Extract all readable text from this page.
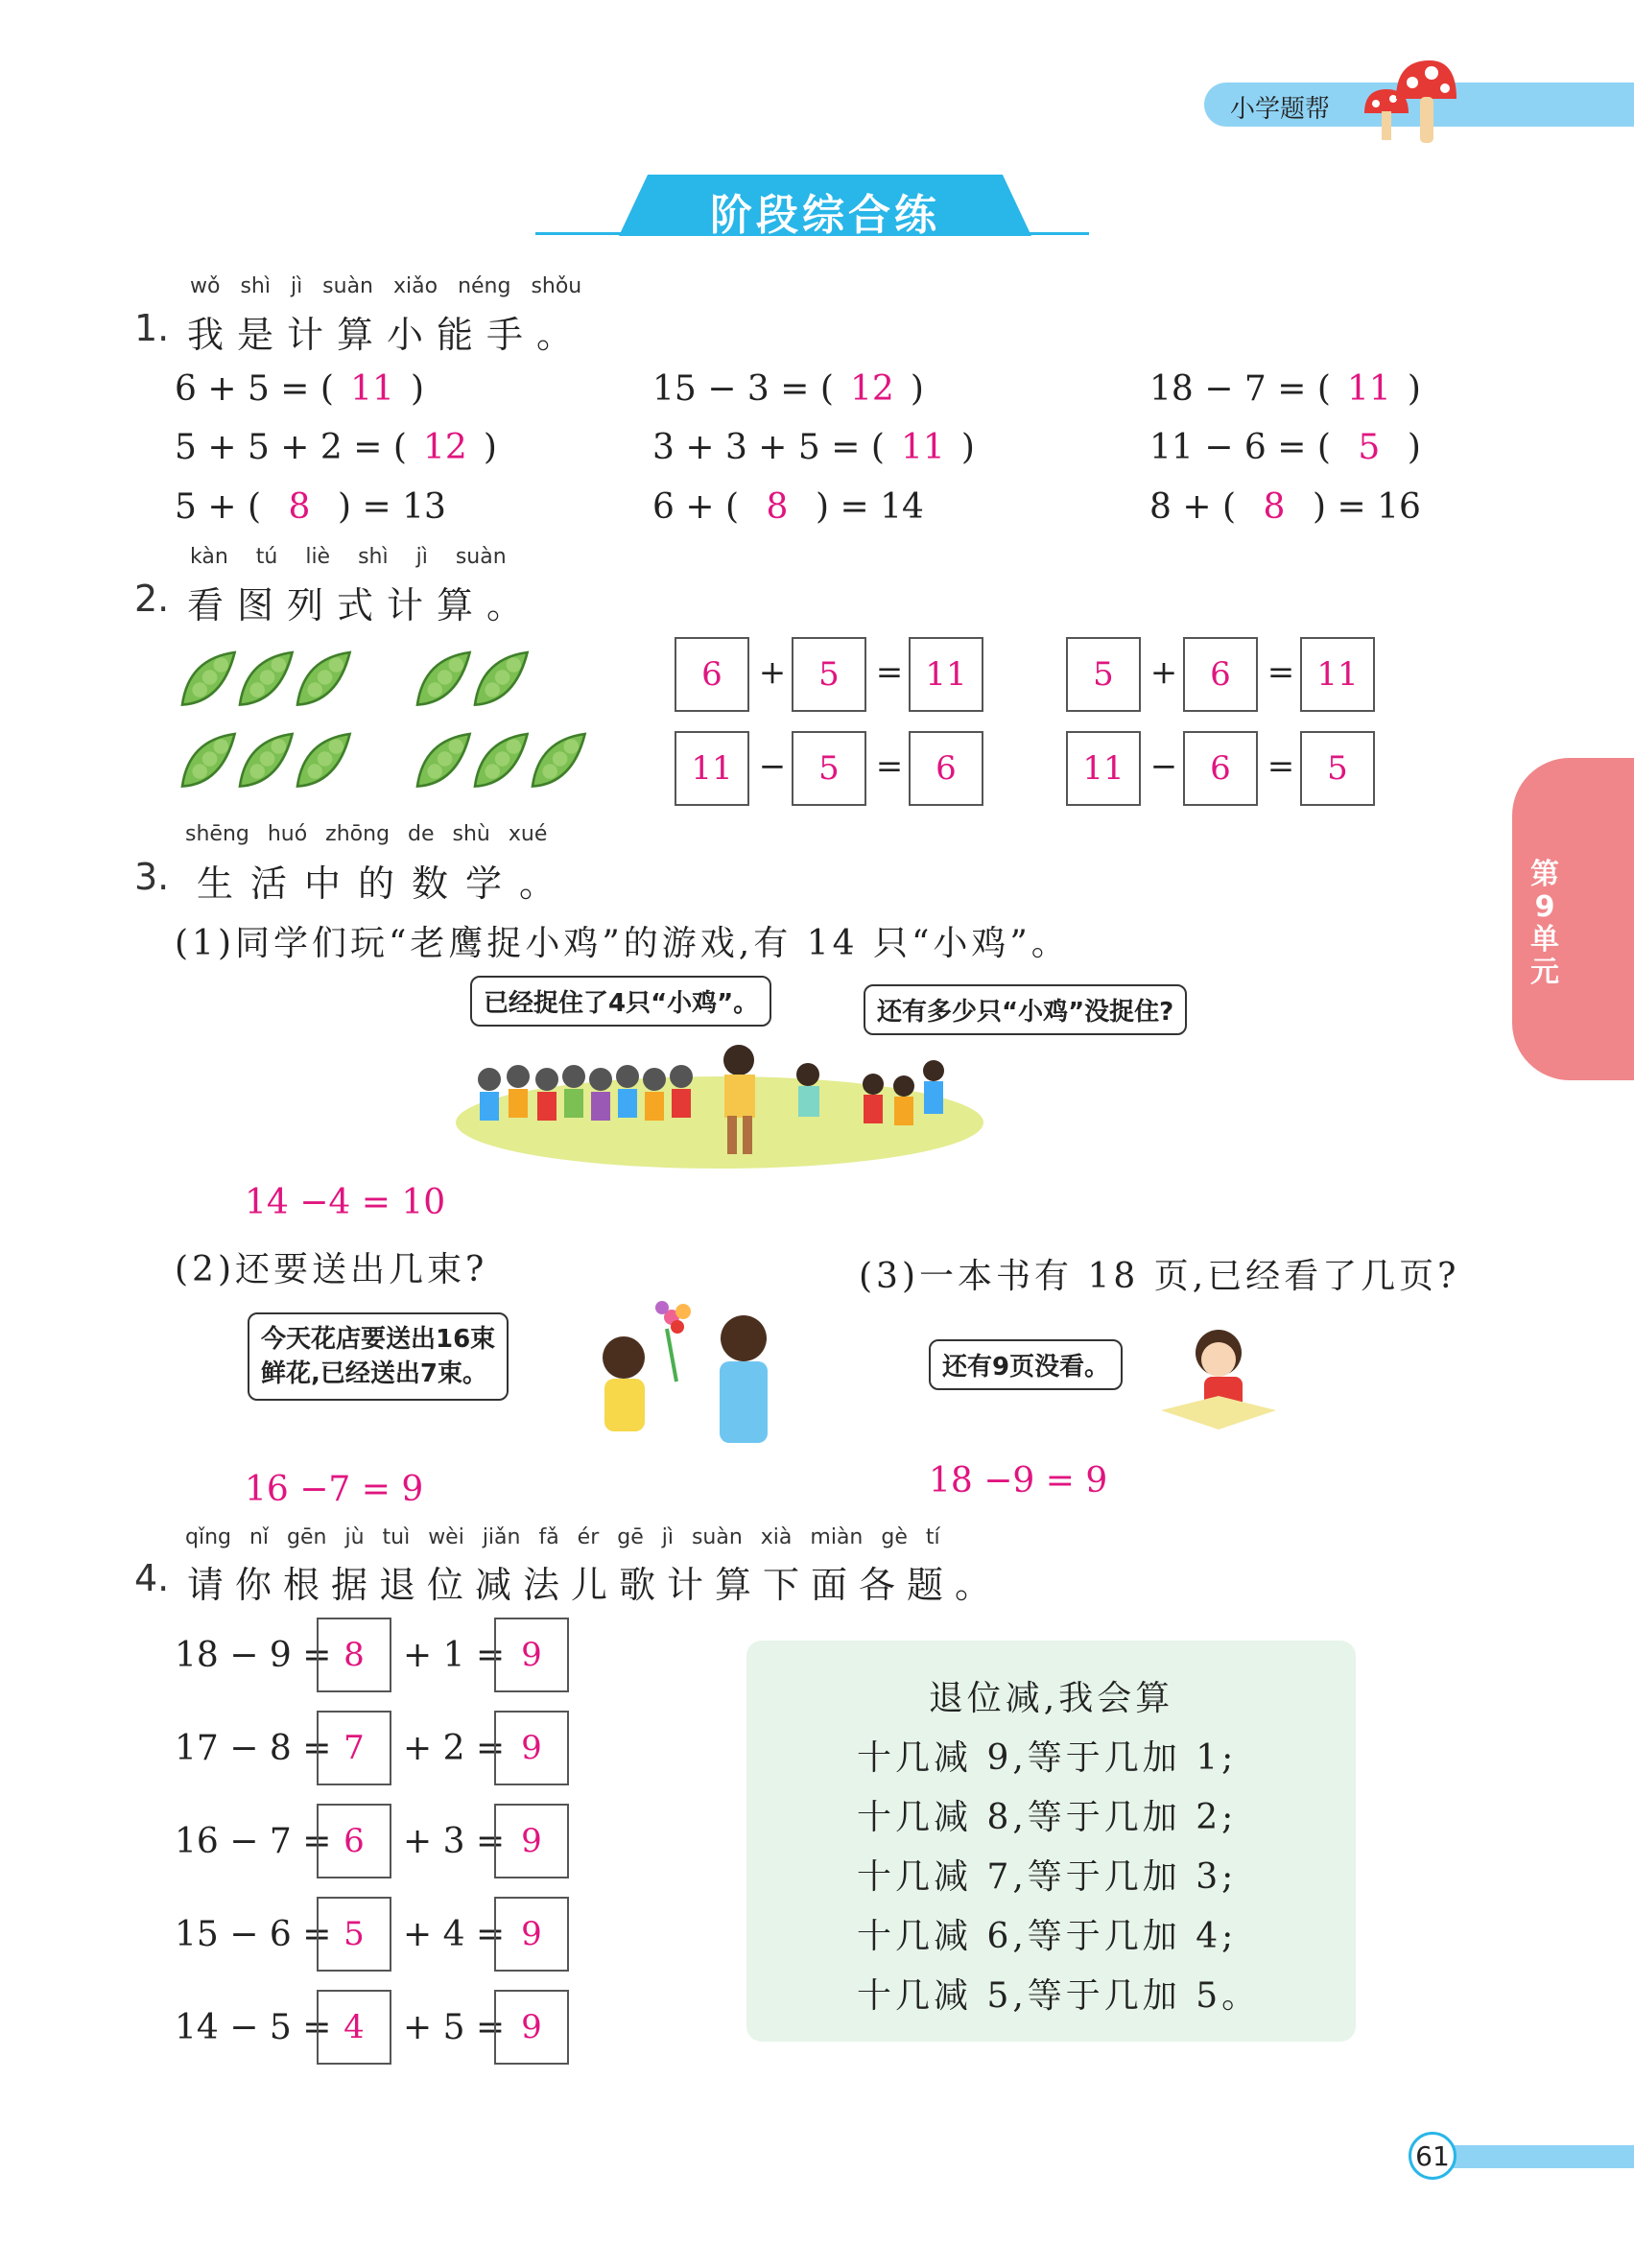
小学题帮
阶段综合练
第
9
单
元
wǒ shì jì suàn xiǎo néng shǒu
1. 我是计算小能手。
6 + 5 = ( 11 )	15 − 3 = ( 12 )	18 − 7 = ( 11 )
5 + 5 + 2 = ( 12 )	3 + 3 + 5 = ( 11 )	11 − 6 = ( 5 )
5 + ( 8 ) = 13	6 + ( 8 ) = 14	8 + ( 8 ) = 16
kàn tú liè shì jì suàn
2. 看图列式计算。
6	+ 5	= 11
11 − 5	= 6
5	+ 6	= 11
11 − 6	= 5
shēng huó zhōng de shù xué
3. 生活中的数学。
(1)同学们玩“老鹰捉小鸡”的游戏,有 14 只“小鸡”。
已经捉住了4只“小鸡”。	还有多少只“小鸡”没捉住?
14 −4 = 10
(2)还要送出几束?	(3)一本书有 18 页,已经看了几页?
今天花店要送出16束
鲜花,已经送出7束。	还有9页没看。
16 −7 = 9	18 −9 = 9
qǐng nǐ gēn jù tuì wèi jiǎn fǎ ér gē jì suàn xià miàn gè tí
4. 请你根据退位减法儿歌计算下面各题。
18 − 9 = 8	+ 1 = 9
17 − 8 = 7	+ 2 = 9
16 − 7 = 6	+ 3 = 9
15 − 6 = 5	+ 4 = 9
14 − 5 = 4	+ 5 = 9
退位减,我会算
十几减 9,等于几加 1;
十几减 8,等于几加 2;
十几减 7,等于几加 3;
十几减 6,等于几加 4;
十几减 5,等于几加 5。
61
